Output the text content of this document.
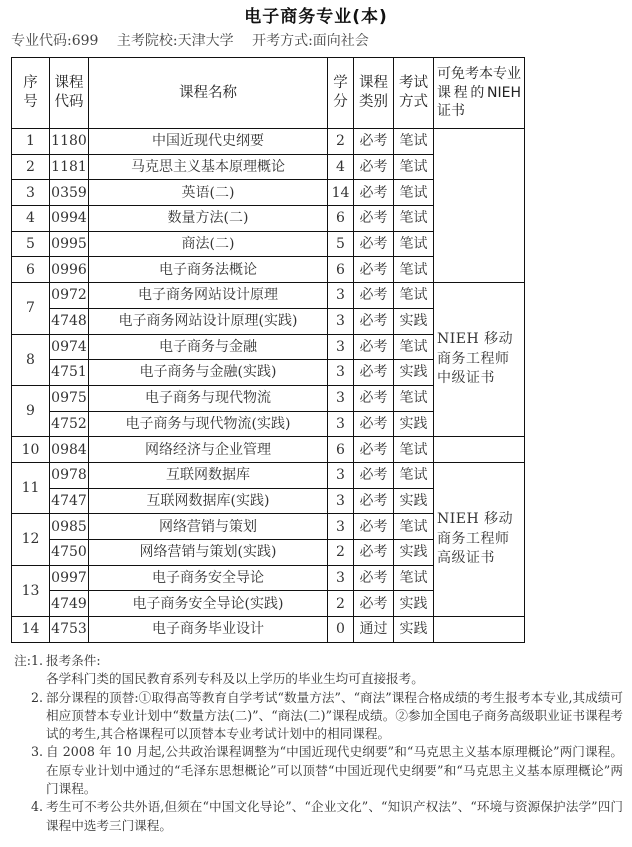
电子商务专业(本)
专业代码:699 主考院校:天津大学 开考方式:面向社会
序号	课程代码	课程名称	学分	课程类别	考试方式	可免考本专业课程的NIEH证书
1	1180	中国近现代史纲要	2	必考	笔试	
2	1181	马克思主义基本原理概论	4	必考	笔试	
3	0359	英语(二)	14	必考	笔试	
4	0994	数量方法(二)	6	必考	笔试	
5	0995	商法(二)	5	必考	笔试	
6	0996	电子商务法概论	6	必考	笔试	
7	0972	电子商务网站设计原理	3	必考	笔试	NIEH 移动商务工程师中级证书
	4748	电子商务网站设计原理(实践)	3	必考	实践	
8	0974	电子商务与金融	3	必考	笔试	
	4751	电子商务与金融(实践)	3	必考	实践	
9	0975	电子商务与现代物流	3	必考	笔试	
	4752	电子商务与现代物流(实践)	3	必考	实践	
10	0984	网络经济与企业管理	6	必考	笔试	
11	0978	互联网数据库	3	必考	笔试	NIEH 移动商务工程师高级证书
	4747	互联网数据库(实践)	3	必考	实践	
12	0985	网络营销与策划	3	必考	笔试	
	4750	网络营销与策划(实践)	2	必考	实践	
13	0997	电子商务安全导论	3	必考	笔试	
	4749	电子商务安全导论(实践)	2	必考	实践	
14	4753	电子商务毕业设计	0	通过	实践	
注:1. 报考条件:
各学科门类的国民教育系列专科及以上学历的毕业生均可直接报考。
2. 部分课程的顶替:①取得高等教育自学考试“数量方法”、“商法”课程合格成绩的考生报考本专业,其成绩可相应顶替本专业计划中“数量方法(二)”、“商法(二)”课程成绩。②参加全国电子商务高级职业证书课程考试的考生,其合格课程可以顶替本专业考试计划中的相同课程。
3. 自 2008 年 10 月起,公共政治课程调整为“中国近现代史纲要”和“马克思主义基本原理概论”两门课程。在原专业计划中通过的“毛泽东思想概论”可以顶替“中国近现代史纲要”和“马克思主义基本原理概论”两门课程。
4. 考生可不考公共外语,但须在“中国文化导论”、“企业文化”、“知识产权法”、“环境与资源保护法学”四门课程中选考三门课程。
